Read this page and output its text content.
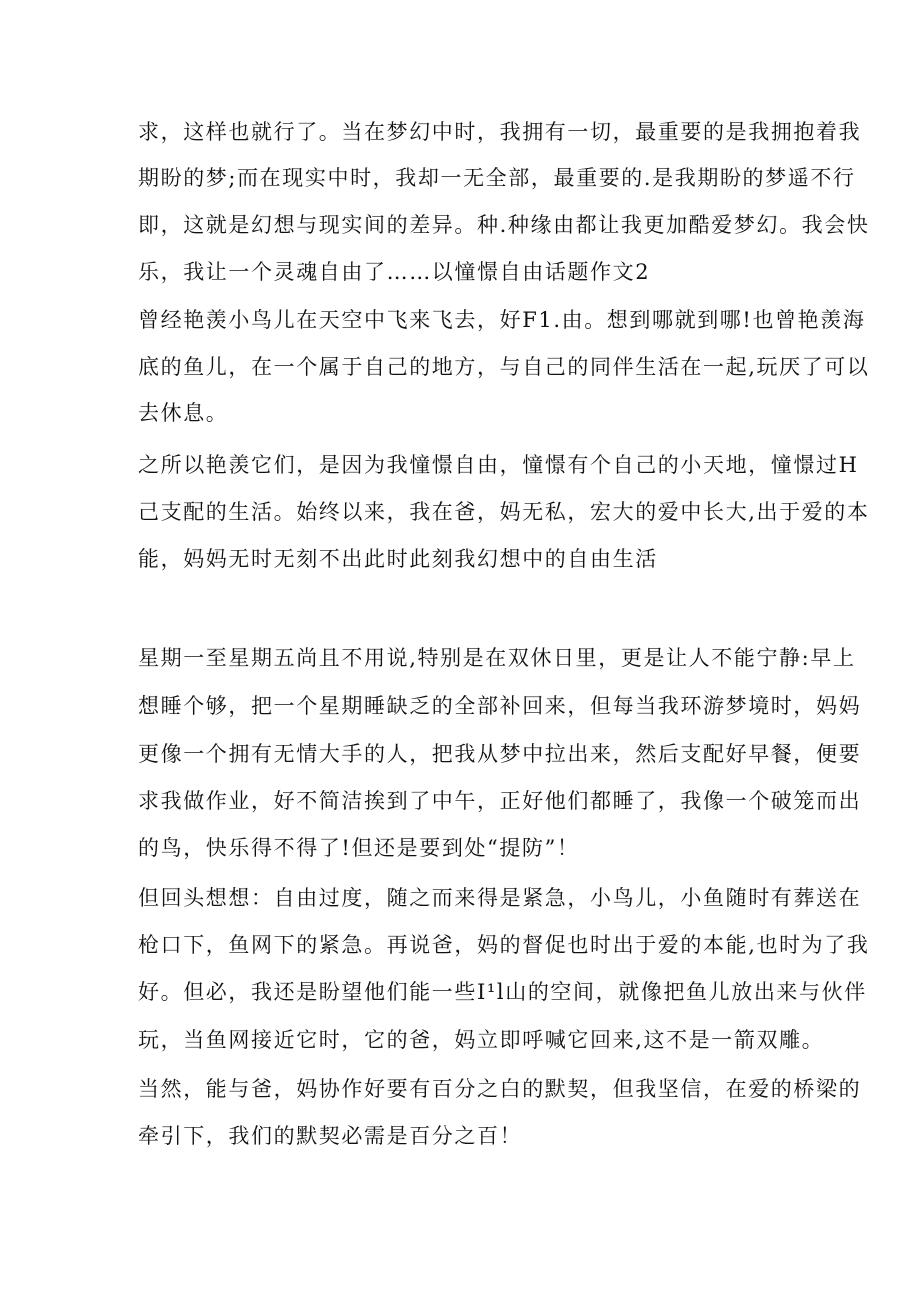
求，这样也就行了。当在梦幻中时，我拥有一切，最重要的是我拥抱着我
期盼的梦;而在现实中时，我却一无全部，最重要的.是我期盼的梦遥不行
即，这就是幻想与现实间的差异。种.种缘由都让我更加酷爱梦幻。我会快
乐，我让一个灵魂自由了……以憧憬自由话题作文2
曾经艳羡小鸟儿在天空中飞来飞去，好F1.由。想到哪就到哪!也曾艳羡海
底的鱼儿，在一个属于自己的地方，与自己的同伴生活在一起,玩厌了可以
去休息。
之所以艳羡它们，是因为我憧憬自由，憧憬有个自己的小天地，憧憬过H
己支配的生活。始终以来，我在爸，妈无私，宏大的爱中长大,出于爱的本
能，妈妈无时无刻不出此时此刻我幻想中的自由生活
星期一至星期五尚且不用说,特别是在双休日里，更是让人不能宁静:早上
想睡个够，把一个星期睡缺乏的全部补回来，但每当我环游梦境时，妈妈
更像一个拥有无情大手的人，把我从梦中拉出来，然后支配好早餐，便要
求我做作业，好不简洁挨到了中午，正好他们都睡了，我像一个破笼而出
的鸟，快乐得不得了!但还是要到处“提防”！
但回头想想：自由过度，随之而来得是紧急，小鸟儿，小鱼随时有葬送在
枪口下，鱼网下的紧急。再说爸，妈的督促也时出于爱的本能,也时为了我
好。但必，我还是盼望他们能一些I¹l山的空间，就像把鱼儿放出来与伙伴
玩，当鱼网接近它时，它的爸，妈立即呼喊它回来,这不是一箭双雕。
当然，能与爸，妈协作好要有百分之白的默契，但我坚信，在爱的桥梁的
牵引下，我们的默契必需是百分之百！
